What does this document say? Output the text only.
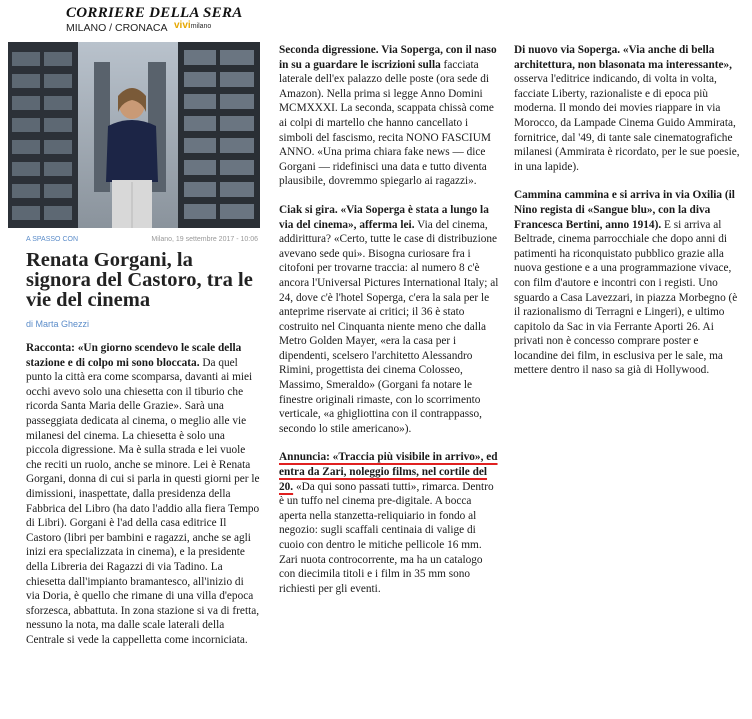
CORRIERE DELLA SERA
MILANO / CRONACA vivimilano
A SPASSO CON	Milano, 19 settembre 2017 - 10:06
Renata Gorgani, la signora del Castoro, tra le vie del cinema
di Marta Ghezzi

Racconta: «Un giorno scendevo le scale della stazione e di colpo mi sono bloccata. Da quel punto la città era come scomparsa, davanti ai miei occhi avevo solo una chiesetta con il tiburio che ricorda Santa Maria delle Grazie». Sarà una passeggiata dedicata al cinema, o meglio alle vie milanesi del cinema. La chiesetta è solo una piccola digressione. Ma è sulla strada e lei vuole che reciti un ruolo, anche se minore. Lei è Renata Gorgani, donna di cui si parla in questi giorni per le dimissioni, inaspettate, dalla presidenza della Fabbrica del Libro (ha dato l'addio alla fiera Tempo di Libri). Gorgani è l'ad della casa editrice Il Castoro (libri per bambini e ragazzi, anche se agli inizi era specializzata in cinema), e la presidente della Libreria dei Ragazzi di via Tadino. La chiesetta dall'impianto bramantesco, all'inizio di via Doria, è quello che rimane di una villa d'epoca sforzesca, abbattuta. In zona stazione si va di fretta, nessuno la nota, ma dalle scale laterali della Centrale si vede la cappelletta come incorniciata.

Seconda digressione. Via Soperga, con il naso in su a guardare le iscrizioni sulla facciata laterale dell'ex palazzo delle poste (ora sede di Amazon). Nella prima si legge Anno Domini MCMXXXI. La seconda, scappata chissà come ai colpi di martello che hanno cancellato i simboli del fascismo, recita NONO FASCIUM ANNO. «Una prima chiara fake news — dice Gorgani — ridefinisci una data e tutto diventa plausibile, dovremmo spiegarlo ai ragazzi».

Ciak si gira. «Via Soperga è stata a lungo la via del cinema», afferma lei. Via del cinema, addirittura? «Certo, tutte le case di distribuzione avevano sede qui». Bisogna curiosare fra i citofoni per trovarne traccia: al numero 8 c'è ancora l'Universal Pictures International Italy; al 24, dove c'è l'hotel Soperga, c'era la sala per le anteprime riservate ai critici; il 36 è stato costruito nel Cinquanta niente meno che dalla Metro Golden Mayer, «era la casa per i dipendenti, scelsero l'architetto Alessandro Rimini, progettista dei cinema Colosseo, Massimo, Smeraldo» (Gorgani fa notare le finestre originali rimaste, con lo scorrimento verticale, «a ghigliottina con il contrappasso, secondo lo stile americano»).

Annuncia: «Traccia più visibile in arrivo», ed entra da Zari, noleggio films, nel cortile del 20. «Da qui sono passati tutti», rimarca. Dentro è un tuffo nel cinema pre-digitale. A bocca aperta nella stanzetta-reliquiario in fondo al negozio: sugli scaffali centinaia di valige di cuoio con dentro le mitiche pellicole 16 mm. Zari nuota controcorrente, ma ha un catalogo con diecimila titoli e i film in 35 mm sono richiesti per gli eventi.

Di nuovo via Soperga. «Via anche di bella architettura, non blasonata ma interessante», osserva l'editrice indicando, di volta in volta, facciate Liberty, razionaliste e di epoca più moderna. Il mondo dei movies riappare in via Morocco, da Lampade Cinema Guido Ammirata, fornitrice, dal '49, di tante sale cinematografiche milanesi (Ammirata è ricordato, per le sue poesie, in una lapide).

Cammina cammina e si arriva in via Oxilia (il Nino regista di «Sangue blu», con la diva Francesca Bertini, anno 1914). E si arriva al Beltrade, cinema parrocchiale che dopo anni di patimenti ha riconquistato pubblico grazie alla nuova gestione e a una programmazione vivace, con film d'autore e incontri con i registi. Uno sguardo a Casa Lavezzari, in piazza Morbegno (è il razionalismo di Terragni e Lingeri), e ultimo capitolo da Sac in via Ferrante Aporti 26. Ai privati non è concesso comprare poster e locandine dei film, in esclusiva per le sale, ma mettere dentro il naso sa già di Hollywood.
